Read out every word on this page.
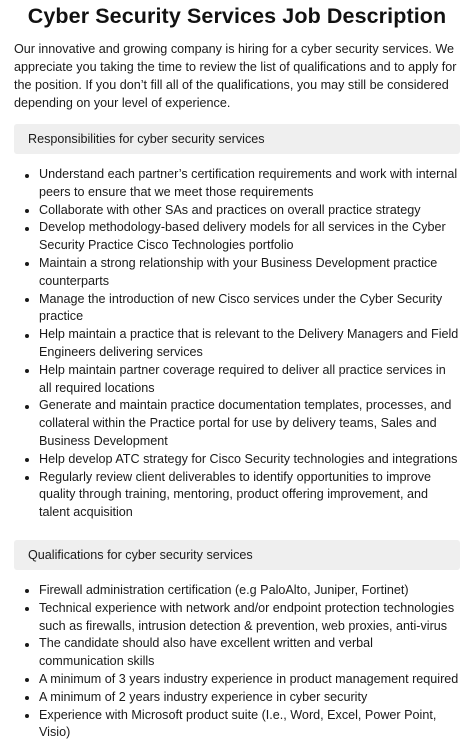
Cyber Security Services Job Description

Our innovative and growing company is hiring for a cyber security services. We appreciate you taking the time to review the list of qualifications and to apply for the position. If you don’t fill all of the qualifications, you may still be considered depending on your level of experience.

Responsibilities for cyber security services
Understand each partner’s certification requirements and work with internal peers to ensure that we meet those requirements
Collaborate with other SAs and practices on overall practice strategy
Develop methodology-based delivery models for all services in the Cyber Security Practice Cisco Technologies portfolio
Maintain a strong relationship with your Business Development practice counterparts
Manage the introduction of new Cisco services under the Cyber Security practice
Help maintain a practice that is relevant to the Delivery Managers and Field Engineers delivering services
Help maintain partner coverage required to deliver all practice services in all required locations
Generate and maintain practice documentation templates, processes, and collateral within the Practice portal for use by delivery teams, Sales and Business Development
Help develop ATC strategy for Cisco Security technologies and integrations
Regularly review client deliverables to identify opportunities to improve quality through training, mentoring, product offering improvement, and talent acquisition
Qualifications for cyber security services
Firewall administration certification (e.g PaloAlto, Juniper, Fortinet)
Technical experience with network and/or endpoint protection technologies such as firewalls, intrusion detection & prevention, web proxies, anti-virus
The candidate should also have excellent written and verbal communication skills
A minimum of 3 years industry experience in product management required
A minimum of 2 years industry experience in cyber security
Experience with Microsoft product suite (I.e., Word, Excel, Power Point, Visio)
